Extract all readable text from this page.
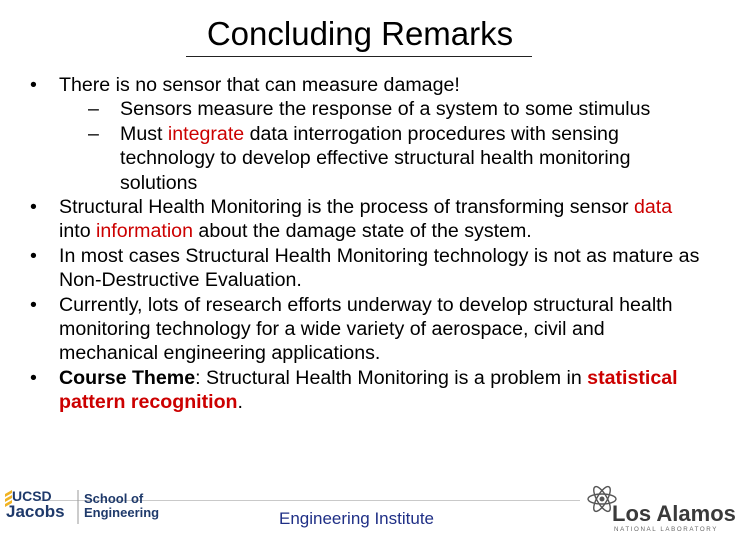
Concluding Remarks
• There is no sensor that can measure damage!
– Sensors measure the response of a system to some stimulus
– Must integrate data interrogation procedures with sensing technology to develop effective structural health monitoring solutions
• Structural Health Monitoring is the process of transforming sensor data into information about the damage state of the system.
• In most cases Structural Health Monitoring technology is not as mature as Non-Destructive Evaluation.
• Currently, lots of research efforts underway to develop structural health monitoring technology for a wide variety of aerospace, civil and mechanical engineering applications.
• Course Theme: Structural Health Monitoring is a problem in statistical pattern recognition.
Engineering Institute
UCSD
Jacobs
School of
Engineering	Los Alamos
NATIONAL LABORATORY
